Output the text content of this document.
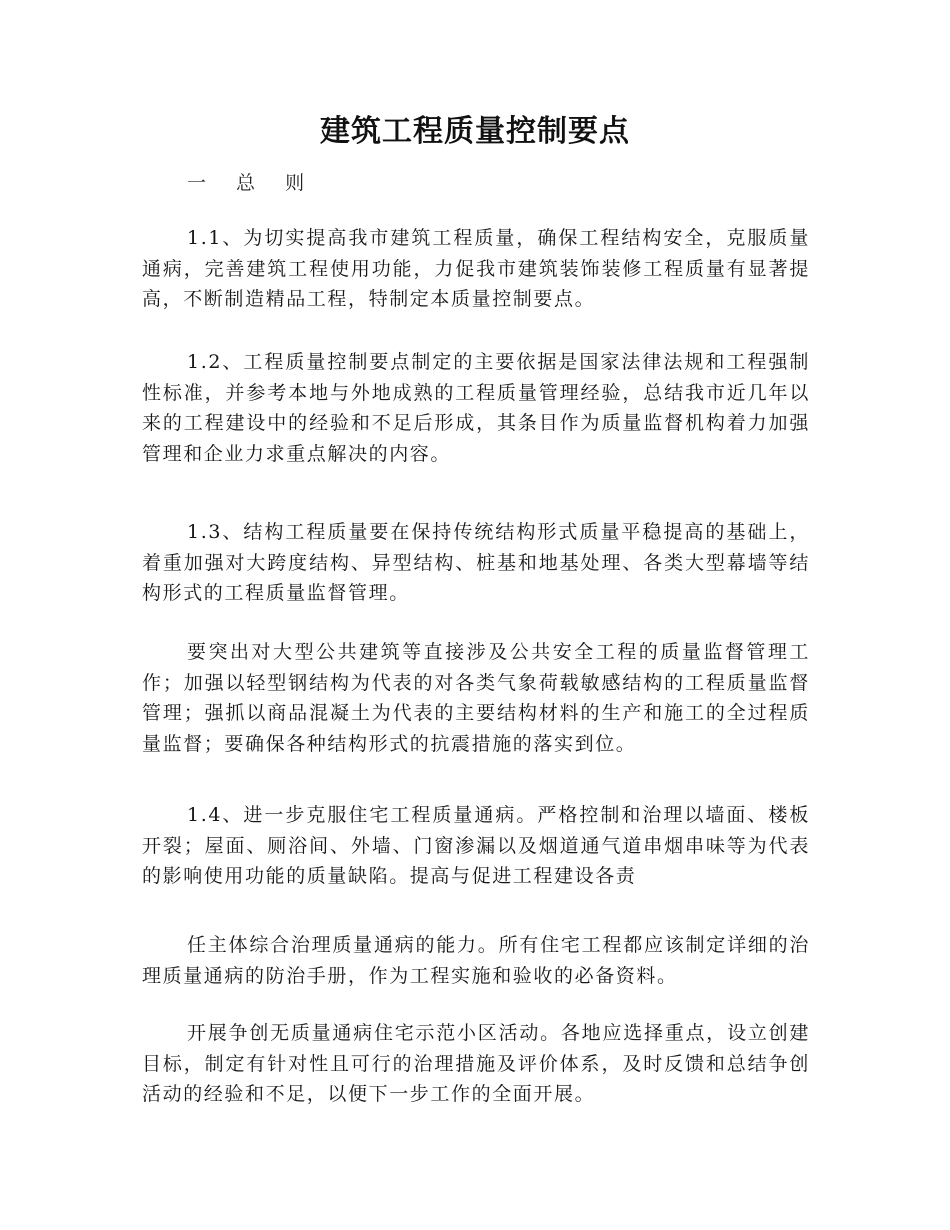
建筑工程质量控制要点
一 总 则

1.1、为切实提高我市建筑工程质量，确保工程结构安全，克服质量通病，完善建筑工程使用功能，力促我市建筑装饰装修工程质量有显著提高，不断制造精品工程，特制定本质量控制要点。

1.2、工程质量控制要点制定的主要依据是国家法律法规和工程强制性标准，并参考本地与外地成熟的工程质量管理经验，总结我市近几年以来的工程建设中的经验和不足后形成，其条目作为质量监督机构着力加强管理和企业力求重点解决的内容。

1.3、结构工程质量要在保持传统结构形式质量平稳提高的基础上，着重加强对大跨度结构、异型结构、桩基和地基处理、各类大型幕墙等结构形式的工程质量监督管理。

要突出对大型公共建筑等直接涉及公共安全工程的质量监督管理工作；加强以轻型钢结构为代表的对各类气象荷载敏感结构的工程质量监督管理；强抓以商品混凝土为代表的主要结构材料的生产和施工的全过程质量监督；要确保各种结构形式的抗震措施的落实到位。

1.4、进一步克服住宅工程质量通病。严格控制和治理以墙面、楼板开裂；屋面、厕浴间、外墙、门窗渗漏以及烟道通气道串烟串味等为代表的影响使用功能的质量缺陷。提高与促进工程建设各责

任主体综合治理质量通病的能力。所有住宅工程都应该制定详细的治理质量通病的防治手册，作为工程实施和验收的必备资料。

开展争创无质量通病住宅示范小区活动。各地应选择重点，设立创建目标，制定有针对性且可行的治理措施及评价体系，及时反馈和总结争创活动的经验和不足，以便下一步工作的全面开展。
